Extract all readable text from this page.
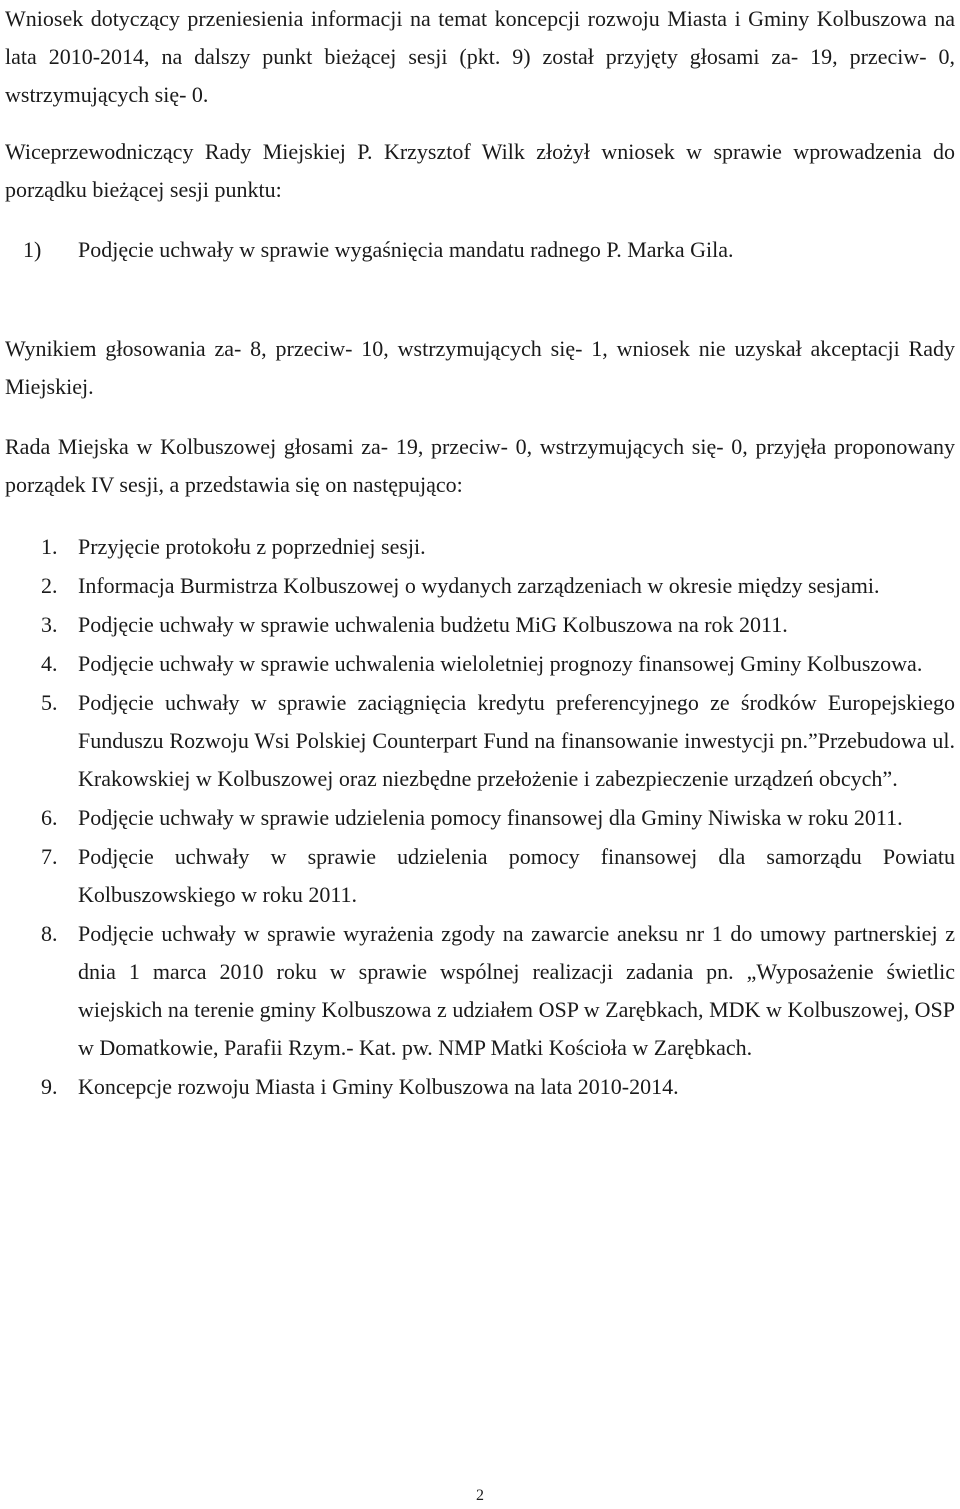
Wniosek dotyczący przeniesienia informacji na temat koncepcji rozwoju Miasta i Gminy Kolbuszowa na lata 2010-2014, na dalszy punkt bieżącej sesji (pkt. 9) został przyjęty głosami za- 19, przeciw- 0, wstrzymujących się- 0.

Wiceprzewodniczący Rady Miejskiej P. Krzysztof Wilk złożył wniosek w sprawie wprowadzenia do porządku bieżącej sesji punktu:

1) Podjęcie uchwały w sprawie wygaśnięcia mandatu radnego P. Marka Gila.

Wynikiem głosowania za- 8, przeciw- 10, wstrzymujących się- 1, wniosek nie uzyskał akceptacji Rady Miejskiej.

Rada Miejska w Kolbuszowej głosami za- 19, przeciw- 0, wstrzymujących się- 0, przyjęła proponowany porządek IV sesji, a przedstawia się on następująco:

1. Przyjęcie protokołu z poprzedniej sesji.
2. Informacja Burmistrza Kolbuszowej o wydanych zarządzeniach w okresie między sesjami.
3. Podjęcie uchwały w sprawie uchwalenia budżetu MiG Kolbuszowa na rok 2011.
4. Podjęcie uchwały w sprawie uchwalenia wieloletniej prognozy finansowej Gminy Kolbuszowa.
5. Podjęcie uchwały w sprawie zaciągnięcia kredytu preferencyjnego ze środków Europejskiego Funduszu Rozwoju Wsi Polskiej Counterpart Fund na finansowanie inwestycji pn.”Przebudowa ul. Krakowskiej w Kolbuszowej oraz niezbędne przełożenie i zabezpieczenie urządzeń obcych”.
6. Podjęcie uchwały w sprawie udzielenia pomocy finansowej dla Gminy Niwiska w roku 2011.
7. Podjęcie uchwały w sprawie udzielenia pomocy finansowej dla samorządu Powiatu Kolbuszowskiego w roku 2011.
8. Podjęcie uchwały w sprawie wyrażenia zgody na zawarcie aneksu nr 1 do umowy partnerskiej z dnia 1 marca 2010 roku w sprawie wspólnej realizacji zadania pn. „Wyposażenie świetlic wiejskich na terenie gminy Kolbuszowa z udziałem OSP w Zarębkach, MDK w Kolbuszowej, OSP w Domatkowie, Parafii Rzym.- Kat. pw. NMP Matki Kościoła w Zarębkach.
9. Koncepcje rozwoju Miasta i Gminy Kolbuszowa na lata 2010-2014.
2
